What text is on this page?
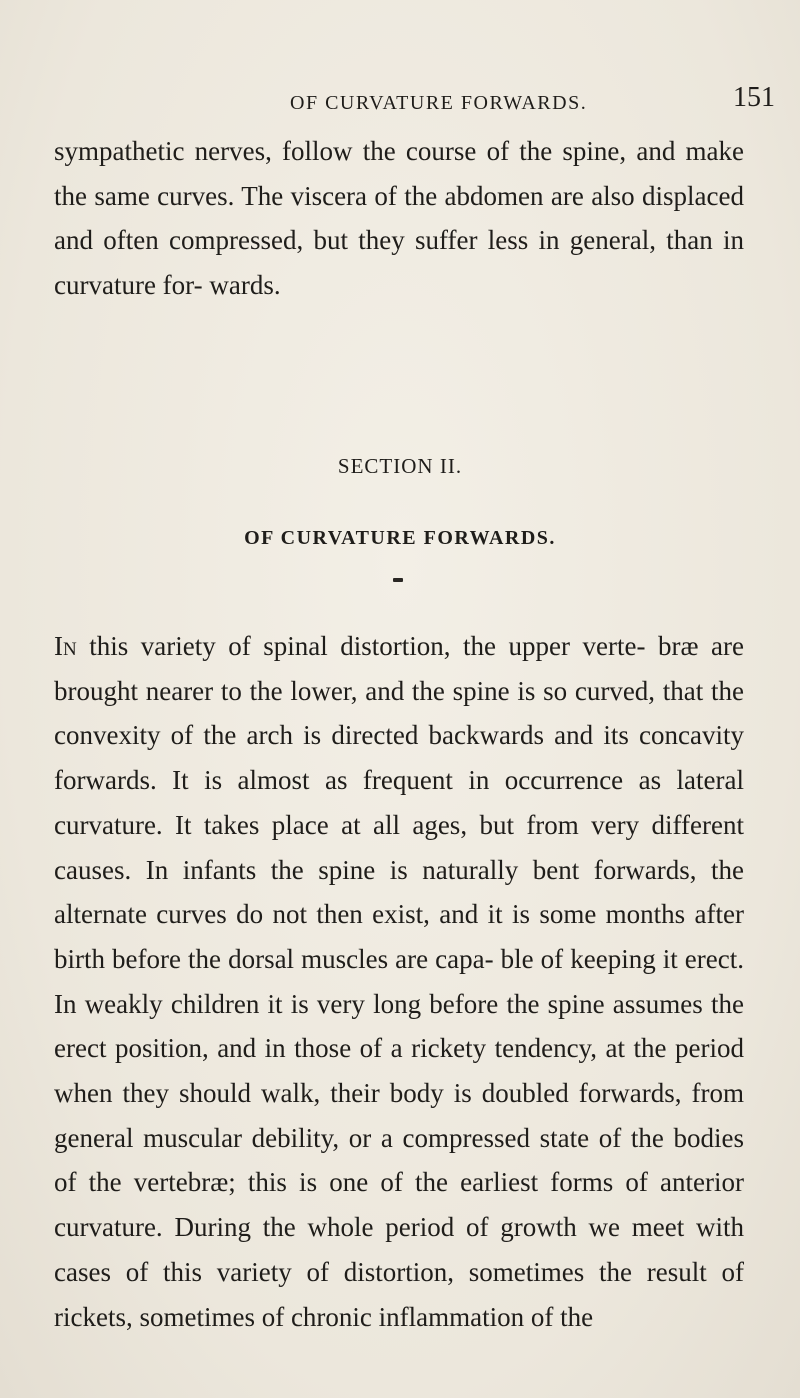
OF CURVATURE FORWARDS.	151

sympathetic nerves, follow the course of the spine, and make the same curves. The viscera of the abdomen are also displaced and often compressed, but they suffer less in general, than in curvature for- wards.

SECTION II.
OF CURVATURE FORWARDS.

In this variety of spinal distortion, the upper verte- bræ are brought nearer to the lower, and the spine is so curved, that the convexity of the arch is directed backwards and its concavity forwards. It is almost as frequent in occurrence as lateral curvature. It takes place at all ages, but from very different causes. In infants the spine is naturally bent forwards, the alternate curves do not then exist, and it is some months after birth before the dorsal muscles are capa- ble of keeping it erect. In weakly children it is very long before the spine assumes the erect position, and in those of a rickety tendency, at the period when they should walk, their body is doubled forwards, from general muscular debility, or a compressed state of the bodies of the vertebræ; this is one of the earliest forms of anterior curvature. During the whole period of growth we meet with cases of this variety of distortion, sometimes the result of rickets, sometimes of chronic inflammation of the
